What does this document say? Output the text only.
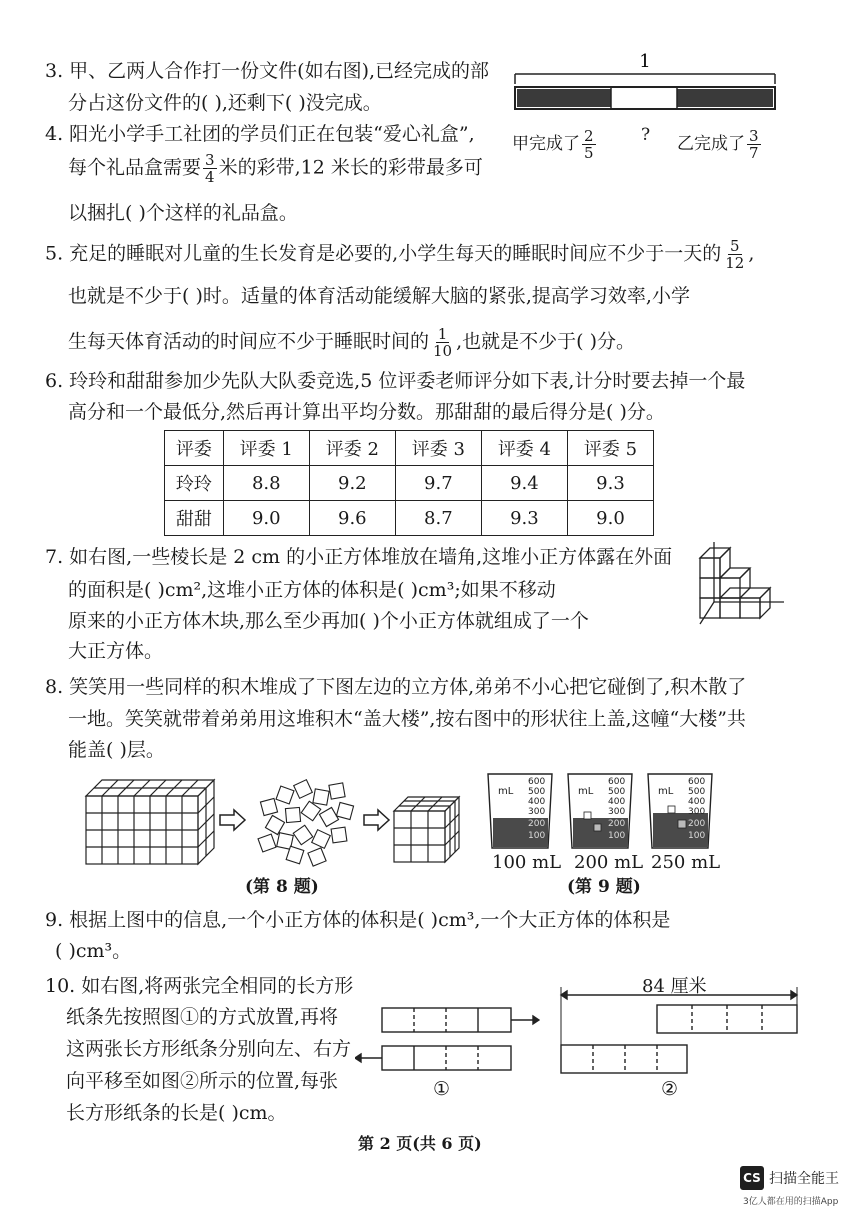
3. 甲、乙两人合作打一份文件(如右图),已经完成的部
分占这份文件的( ),还剩下( )没完成。
1
甲完成了 $\frac{2}{5}$	? 乙完成了 $\frac{3}{7}$
4. 阳光小学手工社团的学员们正在包装“爱心礼盒”,
每个礼品盒需要 $\frac{3}{4}$ 米的彩带,12 米长的彩带最多可
以捆扎( )个这样的礼品盒。
5. 充足的睡眠对儿童的生长发育是必要的,小学生每天的睡眠时间应不少于一天的 $\frac{5}{12}$ ,
也就是不少于( )时。适量的体育活动能缓解大脑的紧张,提高学习效率,小学
生每天体育活动的时间应不少于睡眠时间的 $\frac{1}{10}$ ,也就是不少于( )分。
6. 玲玲和甜甜参加少先队大队委竞选,5 位评委老师评分如下表,计分时要去掉一个最
高分和一个最低分,然后再计算出平均分数。那甜甜的最后得分是( )分。
评委	评委 1	评委 2	评委 3	评委 4	评委 5
玲玲	8.8	9.2	9.7	9.4	9.3
甜甜	9.0	9.6	8.7	9.3	9.0
7. 如右图,一些棱长是 2 cm 的小正方体堆放在墙角,这堆小正方体露在外面
的面积是( )cm²,这堆小正方体的体积是( )cm³;如果不移动
原来的小正方体木块,那么至少再加( )个小正方体就组成了一个
大正方体。
8. 笑笑用一些同样的积木堆成了下图左边的立方体,弟弟不小心把它碰倒了,积木散了
一地。笑笑就带着弟弟用这堆积木“盖大楼”,按右图中的形状往上盖,这幢“大楼”共
能盖( )层。
(第 8 题)
mL
600
500
400
300
200
100
mL
600
500
400
300
200
100
mL
600
500
400
300
200
100
100 mL 200 mL 250 mL
(第 9 题)
9. 根据上图中的信息,一个小正方体的体积是( )cm³,一个大正方体的体积是
( )cm³。
10. 如右图,将两张完全相同的长方形
纸条先按照图①的方式放置,再将
这两张长方形纸条分别向左、右方
向平移至如图②所示的位置,每张
长方形纸条的长是( )cm。
①
84 厘米
②
第 2 页(共 6 页)
CS 扫描全能王
3亿人都在用的扫描App
